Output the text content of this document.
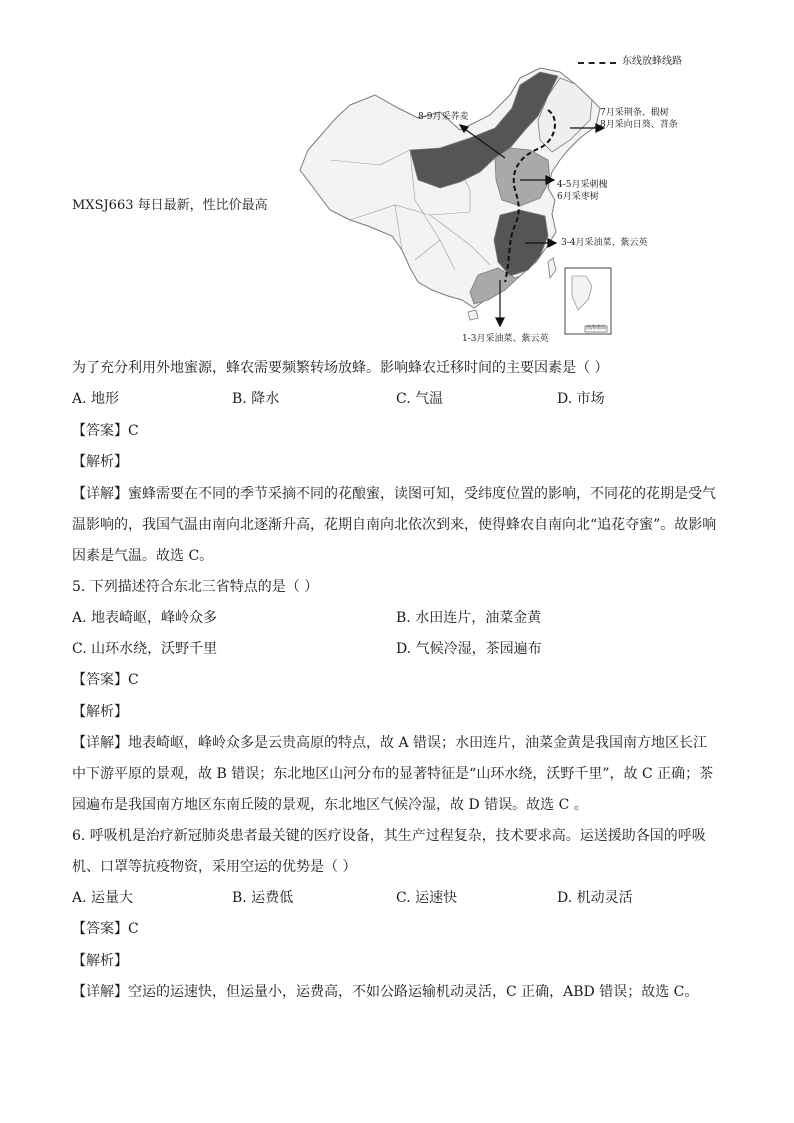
东线放蜂线路
MXSJ663 每日最新，性比价最高
8-9月采荞麦	7月采荆条、椴树
8月采向日葵、苕条
4-5月采刺槐
6月采枣树
3-4月采油菜、紫云英
1-3月采油菜、紫云英
南海诸岛
为了充分利用外地蜜源，蜂农需要频繁转场放蜂。影响蜂农迁移时间的主要因素是（ ）
A. 地形	B. 降水	C. 气温	D. 市场
【答案】C
【解析】
【详解】蜜蜂需要在不同的季节采摘不同的花酿蜜，读图可知，受纬度位置的影响，不同花的花期是受气
温影响的，我国气温由南向北逐渐升高，花期自南向北依次到来，使得蜂农自南向北“追花夺蜜”。故影响
因素是气温。故选 C。
5. 下列描述符合东北三省特点的是（ ）
A. 地表崎岖，峰岭众多	B. 水田连片，油菜金黄
C. 山环水绕，沃野千里	D. 气候冷湿，茶园遍布
【答案】C
【解析】
【详解】地表崎岖，峰岭众多是云贵高原的特点，故 A 错误；水田连片，油菜金黄是我国南方地区长江
中下游平原的景观，故 B 错误；东北地区山河分布的显著特征是“山环水绕，沃野千里”，故 C 正确；茶
园遍布是我国南方地区东南丘陵的景观，东北地区气候冷湿，故 D 错误。故选 C 。
6. 呼吸机是治疗新冠肺炎患者最关键的医疗设备，其生产过程复杂，技术要求高。运送援助各国的呼吸
机、口罩等抗疫物资，采用空运的优势是（ ）
A. 运量大	B. 运费低	C. 运速快	D. 机动灵活
【答案】C
【解析】
【详解】空运的运速快，但运量小，运费高，不如公路运输机动灵活，C 正确，ABD 错误；故选 C。
